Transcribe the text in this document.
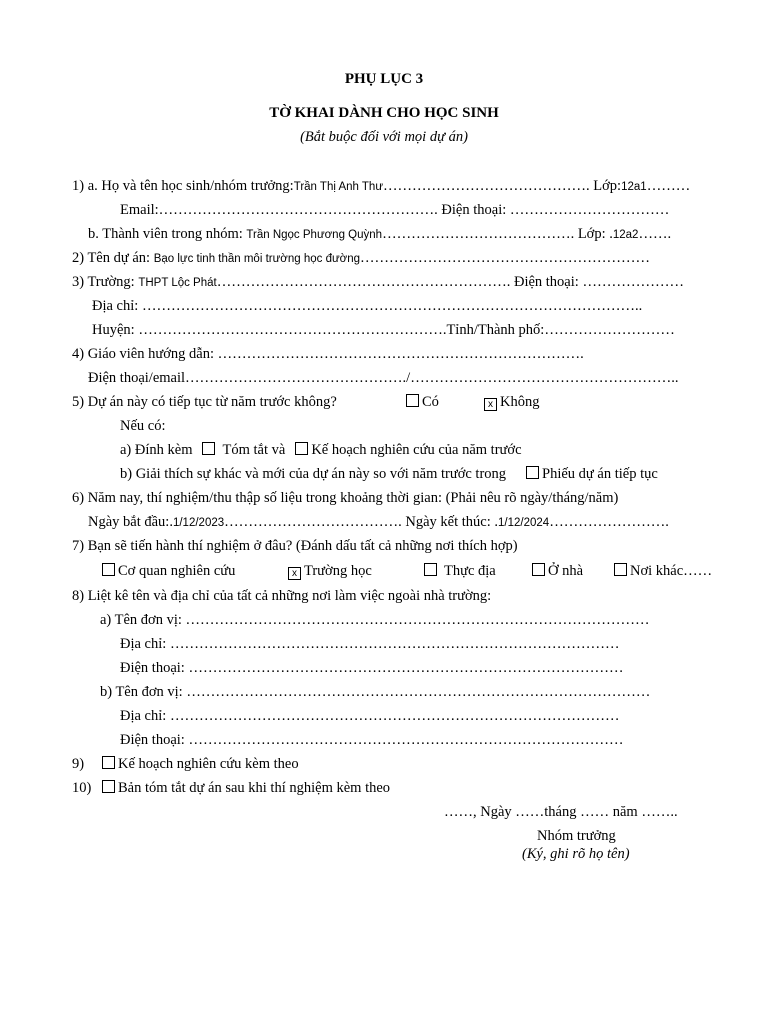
PHỤ LỤC 3
TỜ KHAI DÀNH CHO HỌC SINH
(Bắt buộc đối với mọi dự án)
1) a. Họ và tên học sinh/nhóm trưởng:Trần Thị Anh Thư……………………………………. Lớp:12a1………
Email:…………………………………………………. Điện thoại: ……………………………
b. Thành viên trong nhóm: Trần Ngọc Phương Quỳnh…………………………………. Lớp: .12a2…….
2) Tên dự án: Bạo lực tinh thần môi trường học đường……………………………………………………
3) Trường: THPT Lộc Phát……………………………………………………. Điện thoại: …………………
Địa chỉ: …………………………………………………………………………………………..
Huyện: ……………………………………………………….Tỉnh/Thành phố:………………………
4) Giáo viên hướng dẫn: ………………………………………………………………….
Điện thoại/email………………………………………./………………………………………………..
5) Dự án này có tiếp tục từ năm trước không?	Có	x Không
Nếu có:
a) Đính kèm Tóm tắt và Kế hoạch nghiên cứu của năm trước
b) Giải thích sự khác và mới của dự án này so với năm trước trong Phiếu dự án tiếp tục
6) Năm nay, thí nghiệm/thu thập số liệu trong khoảng thời gian: (Phải nêu rõ ngày/tháng/năm)
Ngày bắt đầu:.1/12/2023………………………………. Ngày kết thúc: .1/12/2024…………………….
7) Bạn sẽ tiến hành thí nghiệm ở đâu? (Đánh dấu tất cả những nơi thích hợp)
Cơ quan nghiên cứu	x Trường học	Thực địa	Ở nhà	Nơi khác……
8) Liệt kê tên và địa chỉ của tất cả những nơi làm việc ngoài nhà trường:
a) Tên đơn vị: ……………………………………………………………………………………
Địa chỉ: …………………………………………………………………………………
Điện thoại: ………………………………………………………………………………
b) Tên đơn vị: ……………………………………………………………………………………
Địa chỉ: …………………………………………………………………………………
Điện thoại: ………………………………………………………………………………
9)	Kế hoạch nghiên cứu kèm theo
10)	Bản tóm tắt dự án sau khi thí nghiệm kèm theo
……, Ngày ……tháng …… năm ……..
Nhóm trưởng
(Ký, ghi rõ họ tên)
